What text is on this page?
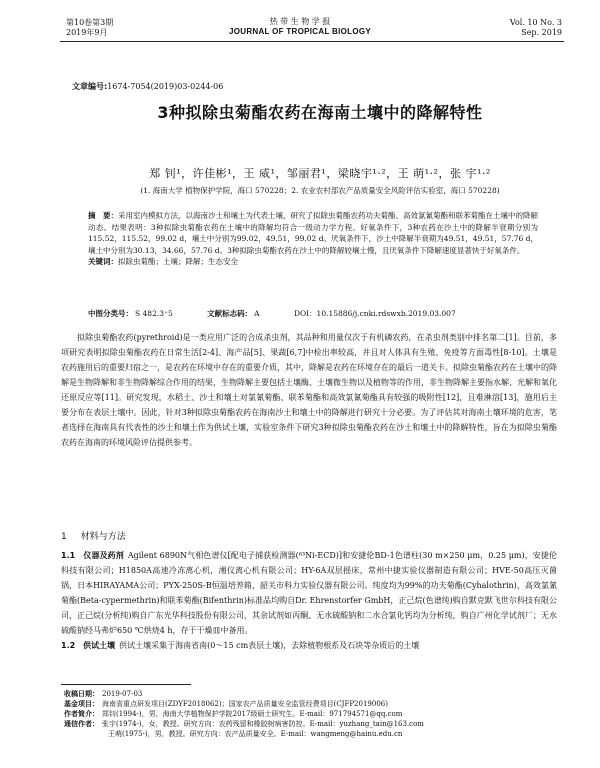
第10卷第3期
2019年9月
热 带 生 物 学 报
JOURNAL OF TROPICAL BIOLOGY
Vol. 10 No. 3
Sep. 2019
文章编号:1674-7054(2019)03-0244-06
3种拟除虫菊酯农药在海南土壤中的降解特性
郑 钊¹，许佳彬¹，王 威¹，邹丽君¹，梁晓宇¹·²，王 萌¹·²，张 宇¹·²
(1. 海南大学 植物保护学院，海口 570228；2. 农业农村部农产品质量安全风险评估实验室，海口 570228)
摘　要：采用室内模拟方法，以海南沙土和壤土为代表土壤，研究了拟除虫菊酯农药功夫菊酯、高效氯氰菊酯和联苯菊酯在土壤中的降解动态。结果表明：3种拟除虫菊酯农药在土壤中的降解均符合一级动力学方程。好氧条件下，3种农药在沙土中的降解半衰期分别为115.52，115.52，99.02 d，壤土中分别为99.02，49.51，99.02 d。厌氧条件下，沙土中降解半衰期为49.51，49.51，57.76 d，壤土中分别为30.13，34.66，57.76 d。3种拟除虫菊酯农药在沙土中的降解较壤土慢，且厌氧条件下降解速度显著快于好氧条件。
关键词：拟除虫菊酯；土壤；降解；生态安全
中图分类号： S 482.3⁺5	文献标志码： A	DOI：10.15886/j.cnki.rdswxb.2019.03.007
拟除虫菊酯农药(pyrethroid)是一类应用广泛的合成杀虫剂，其品种和用量仅次于有机磷农药，在杀虫剂类别中排名第二[1]。目前，多项研究表明拟除虫菊酯农药在日常生活[2-4]、海产品[5]、果蔬[6,7]中检出率较高，并且对人体具有生殖、免疫等方面毒性[8-10]。土壤是农药施用后的重要归宿之一，是农药在环境中存在的重要介质，其中，降解是农药在环境存在的最后一道关卡。拟除虫菊酯农药在土壤中的降解是生物降解和非生物降解综合作用的结果，生物降解主要包括土壤酶、土壤微生物以及植物等的作用，非生物降解主要指水解、光解和氧化还原反应等[11]。研究发现，水稻土、沙土和壤土对氯氰菊酯、联苯菊酯和高效氯氰菊酯具有较强的吸附性[12]，且难淋溶[13]，施用后主要分布在表层土壤中。因此，针对3种拟除虫菊酯农药在海南沙土和壤土中的降解进行研究十分必要。为了评估其对海南土壤环境的危害，笔者选择在海南具有代表性的沙土和壤土作为供试土壤，实验室条件下研究3种拟除虫菊酯农药在沙土和壤土中的降解特性，旨在为拟除虫菊酯农药在海南的环境风险评估提供参考。
1 材料与方法
1.1　仪器及药剂 Agilent 6890N气相色谱仪[配电子捕获检测器(⁶³Ni-ECD)]和安捷伦BD-1色谱柱(30 m×250 μm，0.25 μm)，安捷伦科技有限公司；H1850A高速冷冻离心机，湘仪离心机有限公司；HY-6A双层摇床，常州中捷实验仪器制造有限公司；HVE-50高压灭菌锅，日本HIRAYAMA公司；PYX-250S-B恒温培养箱，韶关市科力实验仪器有限公司。纯度均为99%的功夫菊酯(Cyhalothrin)，高效氯氰菊酯(Beta-cypermethrin)和联苯菊酯(Bifenthrin)标准品均购自Dr. Ehrenstorfer GmbH，正己烷(色谱纯)购自默克默飞世尔科技有限公司，正己烷(分析纯)购自广东光华科技股份有限公司，其余试剂如丙酮、无水硫酸钠和二水合氯化钙均为分析纯，购自广州化学试剂厂；无水硫酸钠经马弗炉650 ℃烘烧4 h，存于干燥皿中备用。
1.2　供试土壤 供试土壤采集于海南省南(0～15 cm表层土壤)，去除植物根系及石块等杂质后的土壤
收稿日期： 2019-07-03
基金项目： 海南省重点研发项目(ZDYF2018062)；国家农产品质量安全监管经费项目(CJFP2019006)
作者简介： 郑钊(1994-)，男，海南大学植物保护学院2017级硕士研究生。E-mail：971794571@qq.com
通信作者： 张宇(1974-)，女，教授。研究方向：农药残留和橡胶树病害防控。E-mail：yuzhang_tain@163.com
王萌(1975-)，男，教授。研究方向：农产品质量安全。E-mail：wangmeng@hainu.edu.cn
